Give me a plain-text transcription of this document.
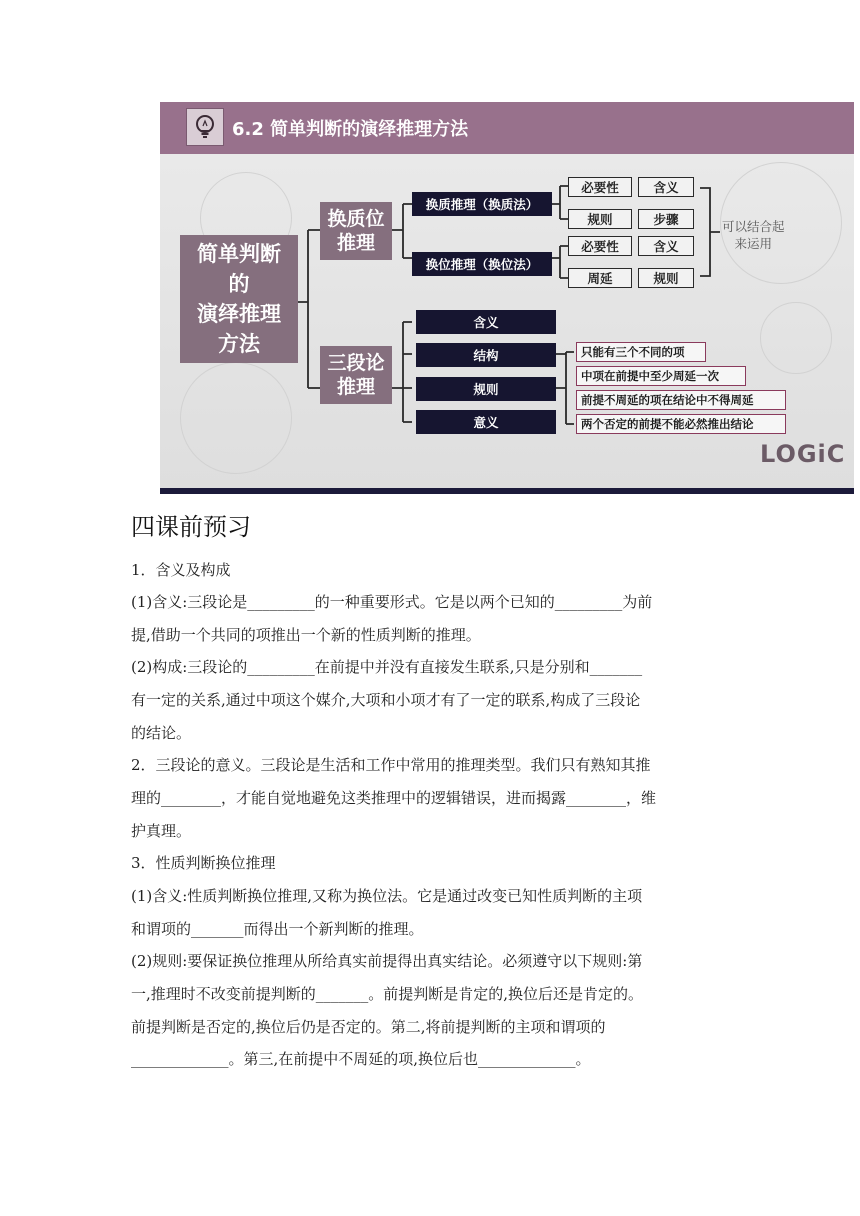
6.2 简单判断的演绎推理方法
简单判断
的
演绎推理
方法
换质位
推理
三段论
推理
换质推理（换质法）
换位推理（换位法）
必要性	含义
规则	步骤
必要性	含义
周延	规则
可以结合起
来运用
含义
结构
规则
意义
只能有三个不同的项
中项在前提中至少周延一次
前提不周延的项在结论中不得周延
两个否定的前提不能必然推出结论
LOGiC
四课前预习

1．含义及构成

(1)含义:三段论是_________的一种重要形式。它是以两个已知的_________为前

提,借助一个共同的项推出一个新的性质判断的推理。

(2)构成:三段论的_________在前提中并没有直接发生联系,只是分别和_______

有一定的关系,通过中项这个媒介,大项和小项才有了一定的联系,构成了三段论

的结论。

2．三段论的意义。三段论是生活和工作中常用的推理类型。我们只有熟知其推

理的________，才能自觉地避免这类推理中的逻辑错误，进而揭露________，维

护真理。

3．性质判断换位推理

(1)含义:性质判断换位推理,又称为换位法。它是通过改变已知性质判断的主项

和谓项的_______而得出一个新判断的推理。

(2)规则:要保证换位推理从所给真实前提得出真实结论。必须遵守以下规则:第

一,推理时不改变前提判断的_______。前提判断是肯定的,换位后还是肯定的。

前提判断是否定的,换位后仍是否定的。第二,将前提判断的主项和谓项的

_____________。第三,在前提中不周延的项,换位后也_____________。
